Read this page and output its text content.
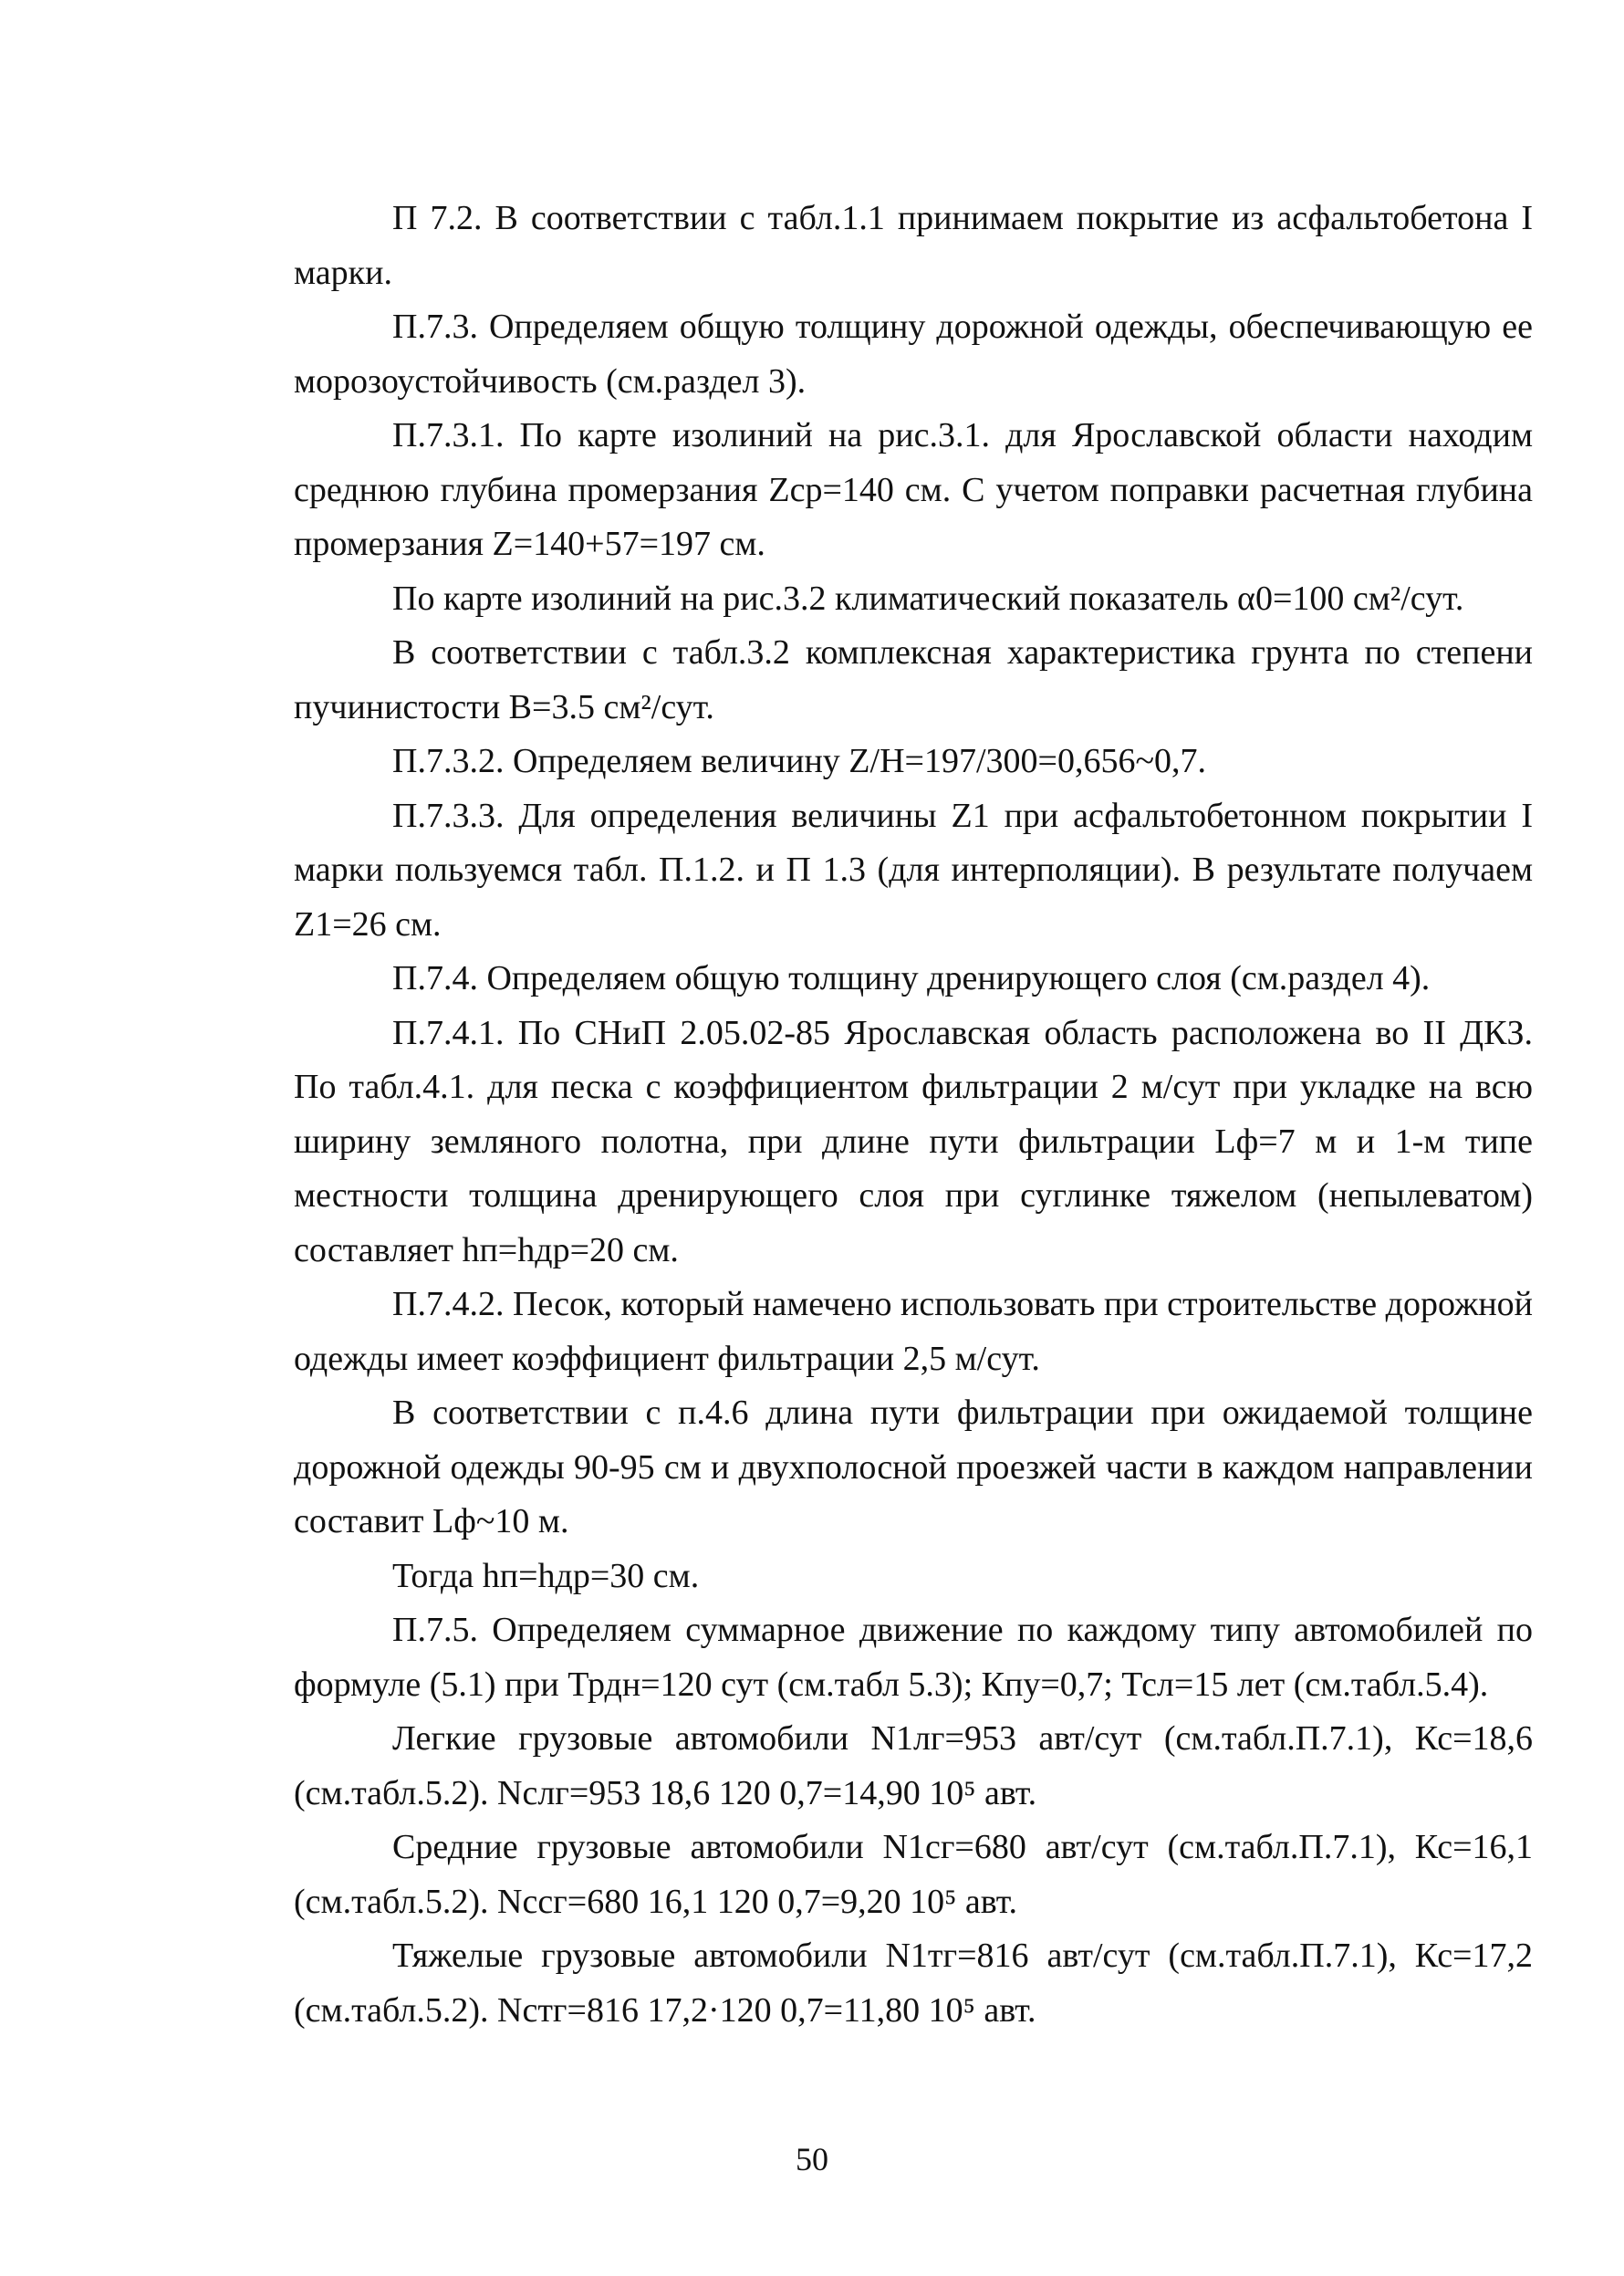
П 7.2. В соответствии с табл.1.1 принимаем покрытие из асфальтобетона I марки.

П.7.3. Определяем общую толщину дорожной одежды, обеспечивающую ее морозоустойчивость (см.раздел 3).

П.7.3.1. По карте изолиний на рис.3.1. для Ярославской области находим среднюю глубина промерзания Zср=140 см. С учетом поправки расчетная глубина промерзания Z=140+57=197 см.

По карте изолиний на рис.3.2 климатический показатель α0=100 см²/сут.

В соответствии с табл.3.2 комплексная характеристика грунта по степени пучинистости B=3.5 см²/сут.

П.7.3.2. Определяем величину Z/H=197/300=0,656~0,7.

П.7.3.3. Для определения величины Z1 при асфальтобетонном покрытии I марки пользуемся табл. П.1.2. и П 1.3 (для интерполяции). В результате получаем Z1=26 см.

П.7.4. Определяем общую толщину дренирующего слоя (см.раздел 4).

П.7.4.1. По СНиП 2.05.02-85 Ярославская область расположена во II ДКЗ. По табл.4.1. для песка с коэффициентом фильтрации 2 м/сут при укладке на всю ширину земляного полотна, при длине пути фильтрации Lф=7 м и 1-м типе местности толщина дренирующего слоя при суглинке тяжелом (непылеватом) составляет hп=hдр=20 см.

П.7.4.2. Песок, который намечено использовать при строительстве дорожной одежды имеет коэффициент фильтрации 2,5 м/сут.

В соответствии с п.4.6 длина пути фильтрации при ожидаемой толщине дорожной одежды 90-95 см и двухполосной проезжей части в каждом направлении составит Lф~10 м.

Тогда hп=hдр=30 см.

П.7.5. Определяем суммарное движение по каждому типу автомобилей по формуле (5.1) при Трдн=120 сут (см.табл 5.3); Кпу=0,7; Тсл=15 лет (см.табл.5.4).

Легкие грузовые автомобили N1лг=953 авт/сут (см.табл.П.7.1), Кс=18,6 (см.табл.5.2). Nслг=953 18,6 120 0,7=14,90 10⁵ авт.

Средние грузовые автомобили N1сг=680 авт/сут (см.табл.П.7.1), Кс=16,1 (см.табл.5.2). Nссг=680 16,1 120 0,7=9,20 10⁵ авт.

Тяжелые грузовые автомобили N1тг=816 авт/сут (см.табл.П.7.1), Кс=17,2 (см.табл.5.2). Nстг=816 17,2·120 0,7=11,80 10⁵ авт.

50
